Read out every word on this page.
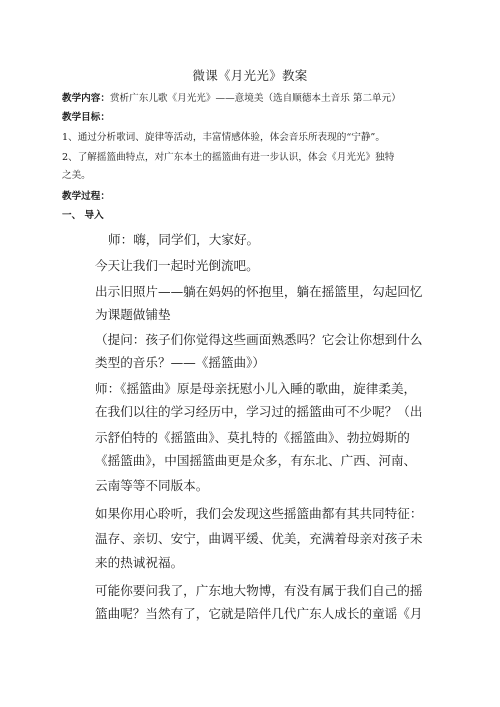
微课《月光光》教案
教学内容：赏析广东儿歌《月光光》——意境美（选自顺德本土音乐 第二单元）
教学目标：
1、通过分析歌词、旋律等活动，丰富情感体验，体会音乐所表现的“宁静”。
2、了解摇篮曲特点，对广东本土的摇篮曲有进一步认识，体会《月光光》独特
之美。
教学过程：
一、 导入
师：嗨，同学们，大家好。
今天让我们一起时光倒流吧。
出示旧照片——躺在妈妈的怀抱里，躺在摇篮里，勾起回忆
为课题做铺垫
（提问：孩子们你觉得这些画面熟悉吗？它会让你想到什么
类型的音乐？——《摇篮曲》）
师：《摇篮曲》原是母亲抚慰小儿入睡的歌曲，旋律柔美，
在我们以往的学习经历中，学习过的摇篮曲可不少呢？（出
示舒伯特的《摇篮曲》、莫扎特的《摇篮曲》、勃拉姆斯的
《摇篮曲》，中国摇篮曲更是众多，有东北、广西、河南、
云南等等不同版本。
如果你用心聆听，我们会发现这些摇篮曲都有其共同特征：
温存、亲切、安宁，曲调平缓、优美，充满着母亲对孩子未
来的热诚祝福。
可能你要问我了，广东地大物博，有没有属于我们自己的摇
篮曲呢？当然有了，它就是陪伴几代广东人成长的童谣《月
